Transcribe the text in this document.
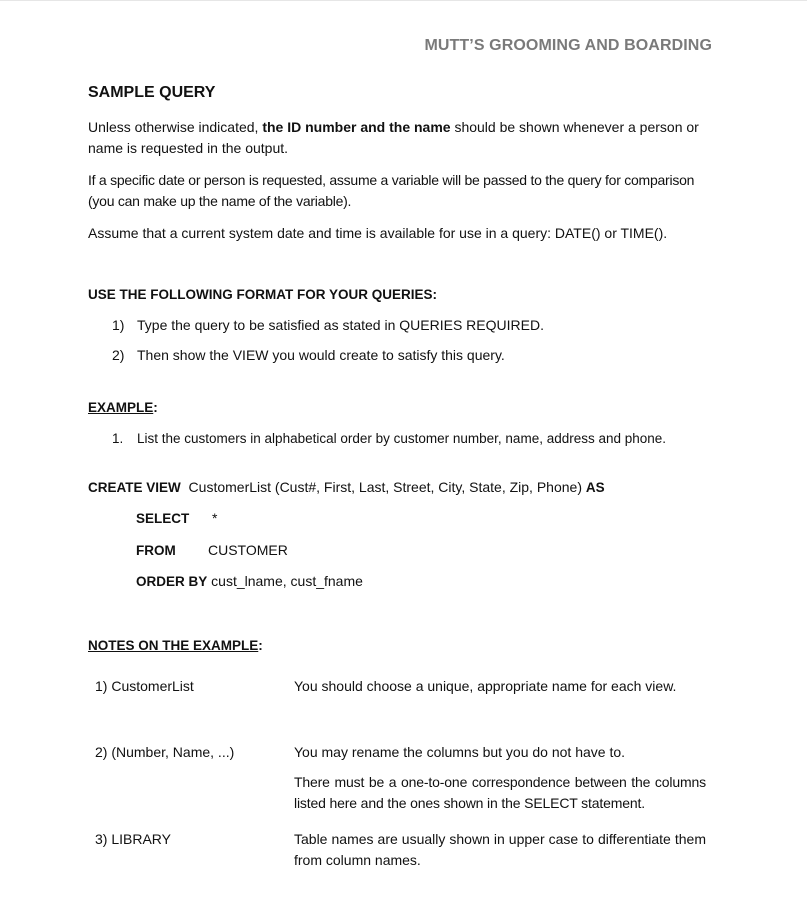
MUTT’S GROOMING AND BOARDING
SAMPLE QUERY
Unless otherwise indicated, the ID number and the name should be shown whenever a person or name is requested in the output.
If a specific date or person is requested, assume a variable will be passed to the query for comparison (you can make up the name of the variable).
Assume that a current system date and time is available for use in a query: DATE() or TIME().
USE THE FOLLOWING FORMAT FOR YOUR QUERIES:
1) Type the query to be satisfied as stated in QUERIES REQUIRED.
2) Then show the VIEW you would create to satisfy this query.
EXAMPLE:
1. List the customers in alphabetical order by customer number, name, address and phone.
CREATE VIEW CustomerList (Cust#, First, Last, Street, City, State, Zip, Phone) AS
SELECT *
FROM CUSTOMER
ORDER BY cust_lname, cust_fname
NOTES ON THE EXAMPLE:
1) CustomerList	You should choose a unique, appropriate name for each view.
2) (Number, Name, ...)	You may rename the columns but you do not have to.
There must be a one-to-one correspondence between the columns listed here and the ones shown in the SELECT statement.
3) LIBRARY	Table names are usually shown in upper case to differentiate them from column names.
